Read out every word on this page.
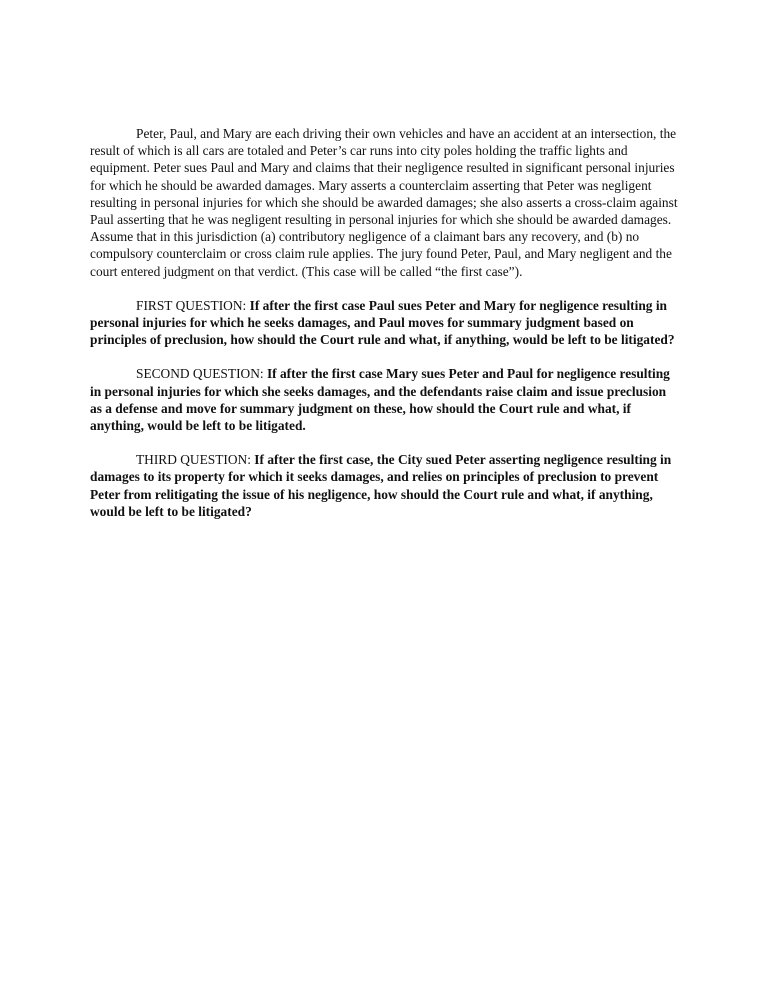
Peter, Paul, and Mary are each driving their own vehicles and have an accident at an intersection, the result of which is all cars are totaled and Peter’s car runs into city poles holding the traffic lights and equipment. Peter sues Paul and Mary and claims that their negligence resulted in significant personal injuries for which he should be awarded damages. Mary asserts a counterclaim asserting that Peter was negligent resulting in personal injuries for which she should be awarded damages; she also asserts a cross-claim against Paul asserting that he was negligent resulting in personal injuries for which she should be awarded damages. Assume that in this jurisdiction (a) contributory negligence of a claimant bars any recovery, and (b) no compulsory counterclaim or cross claim rule applies. The jury found Peter, Paul, and Mary negligent and the court entered judgment on that verdict. (This case will be called “the first case”).

FIRST QUESTION: If after the first case Paul sues Peter and Mary for negligence resulting in personal injuries for which he seeks damages, and Paul moves for summary judgment based on principles of preclusion, how should the Court rule and what, if anything, would be left to be litigated?

SECOND QUESTION: If after the first case Mary sues Peter and Paul for negligence resulting in personal injuries for which she seeks damages, and the defendants raise claim and issue preclusion as a defense and move for summary judgment on these, how should the Court rule and what, if anything, would be left to be litigated.

THIRD QUESTION: If after the first case, the City sued Peter asserting negligence resulting in damages to its property for which it seeks damages, and relies on principles of preclusion to prevent Peter from relitigating the issue of his negligence, how should the Court rule and what, if anything, would be left to be litigated?
